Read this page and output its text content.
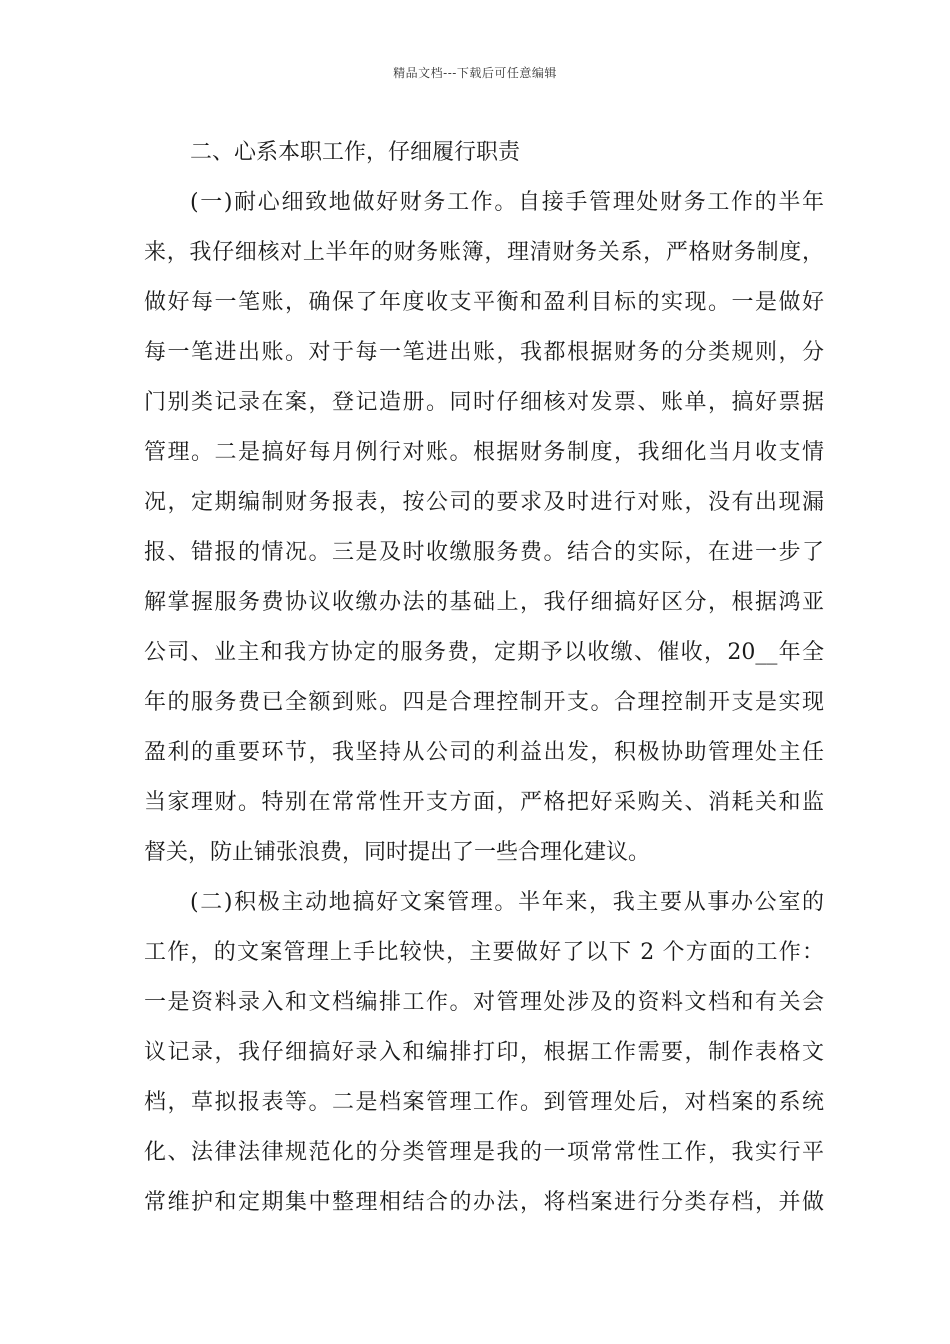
精品文档---下载后可任意编辑
二、心系本职工作，仔细履行职责
(一)耐心细致地做好财务工作。自接手管理处财务工作的半年
来，我仔细核对上半年的财务账簿，理清财务关系，严格财务制度，
做好每一笔账，确保了年度收支平衡和盈利目标的实现。一是做好
每一笔进出账。对于每一笔进出账，我都根据财务的分类规则，分
门别类记录在案，登记造册。同时仔细核对发票、账单，搞好票据
管理。二是搞好每月例行对账。根据财务制度，我细化当月收支情
况，定期编制财务报表，按公司的要求及时进行对账，没有出现漏
报、错报的情况。三是及时收缴服务费。结合的实际，在进一步了
解掌握服务费协议收缴办法的基础上，我仔细搞好区分，根据鸿亚
公司、业主和我方协定的服务费，定期予以收缴、催收，20__年全
年的服务费已全额到账。四是合理控制开支。合理控制开支是实现
盈利的重要环节，我坚持从公司的利益出发，积极协助管理处主任
当家理财。特别在常常性开支方面，严格把好采购关、消耗关和监
督关，防止铺张浪费，同时提出了一些合理化建议。
(二)积极主动地搞好文案管理。半年来，我主要从事办公室的
工作，的文案管理上手比较快，主要做好了以下 2 个方面的工作：
一是资料录入和文档编排工作。对管理处涉及的资料文档和有关会
议记录，我仔细搞好录入和编排打印，根据工作需要，制作表格文
档，草拟报表等。二是档案管理工作。到管理处后，对档案的系统
化、法律法律规范化的分类管理是我的一项常常性工作，我实行平
常维护和定期集中整理相结合的办法，将档案进行分类存档，并做
